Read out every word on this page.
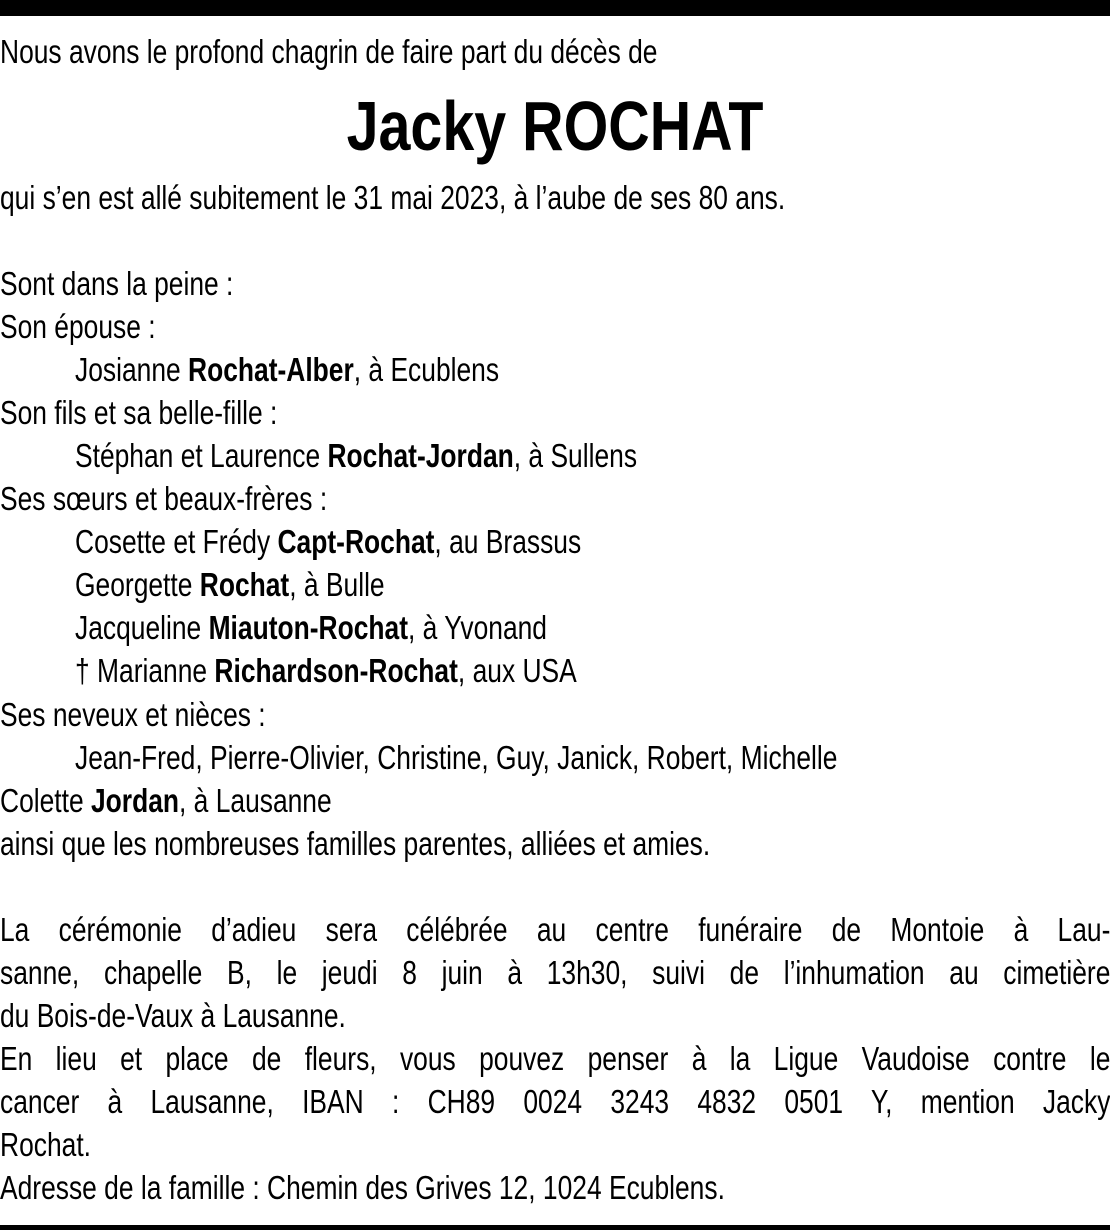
Nous avons le profond chagrin de faire part du décès de
Jacky ROCHAT
qui s’en est allé subitement le 31 mai 2023, à l’aube de ses 80 ans.
Sont dans la peine :
Son épouse :
Josianne Rochat-Alber, à Ecublens
Son fils et sa belle-fille :
Stéphan et Laurence Rochat-Jordan, à Sullens
Ses sœurs et beaux-frères :
Cosette et Frédy Capt-Rochat, au Brassus
Georgette Rochat, à Bulle
Jacqueline Miauton-Rochat, à Yvonand
† Marianne Richardson-Rochat, aux USA
Ses neveux et nièces :
Jean-Fred, Pierre-Olivier, Christine, Guy, Janick, Robert, Michelle
Colette Jordan, à Lausanne
ainsi que les nombreuses familles parentes, alliées et amies.
La cérémonie d’adieu sera célébrée au centre funéraire de Montoie à Lau-
sanne, chapelle B, le jeudi 8 juin à 13h30, suivi de l’inhumation au cimetière
du Bois-de-Vaux à Lausanne.
En lieu et place de fleurs, vous pouvez penser à la Ligue Vaudoise contre le
cancer à Lausanne, IBAN : CH89 0024 3243 4832 0501 Y, mention Jacky
Rochat.
Adresse de la famille : Chemin des Grives 12, 1024 Ecublens.
